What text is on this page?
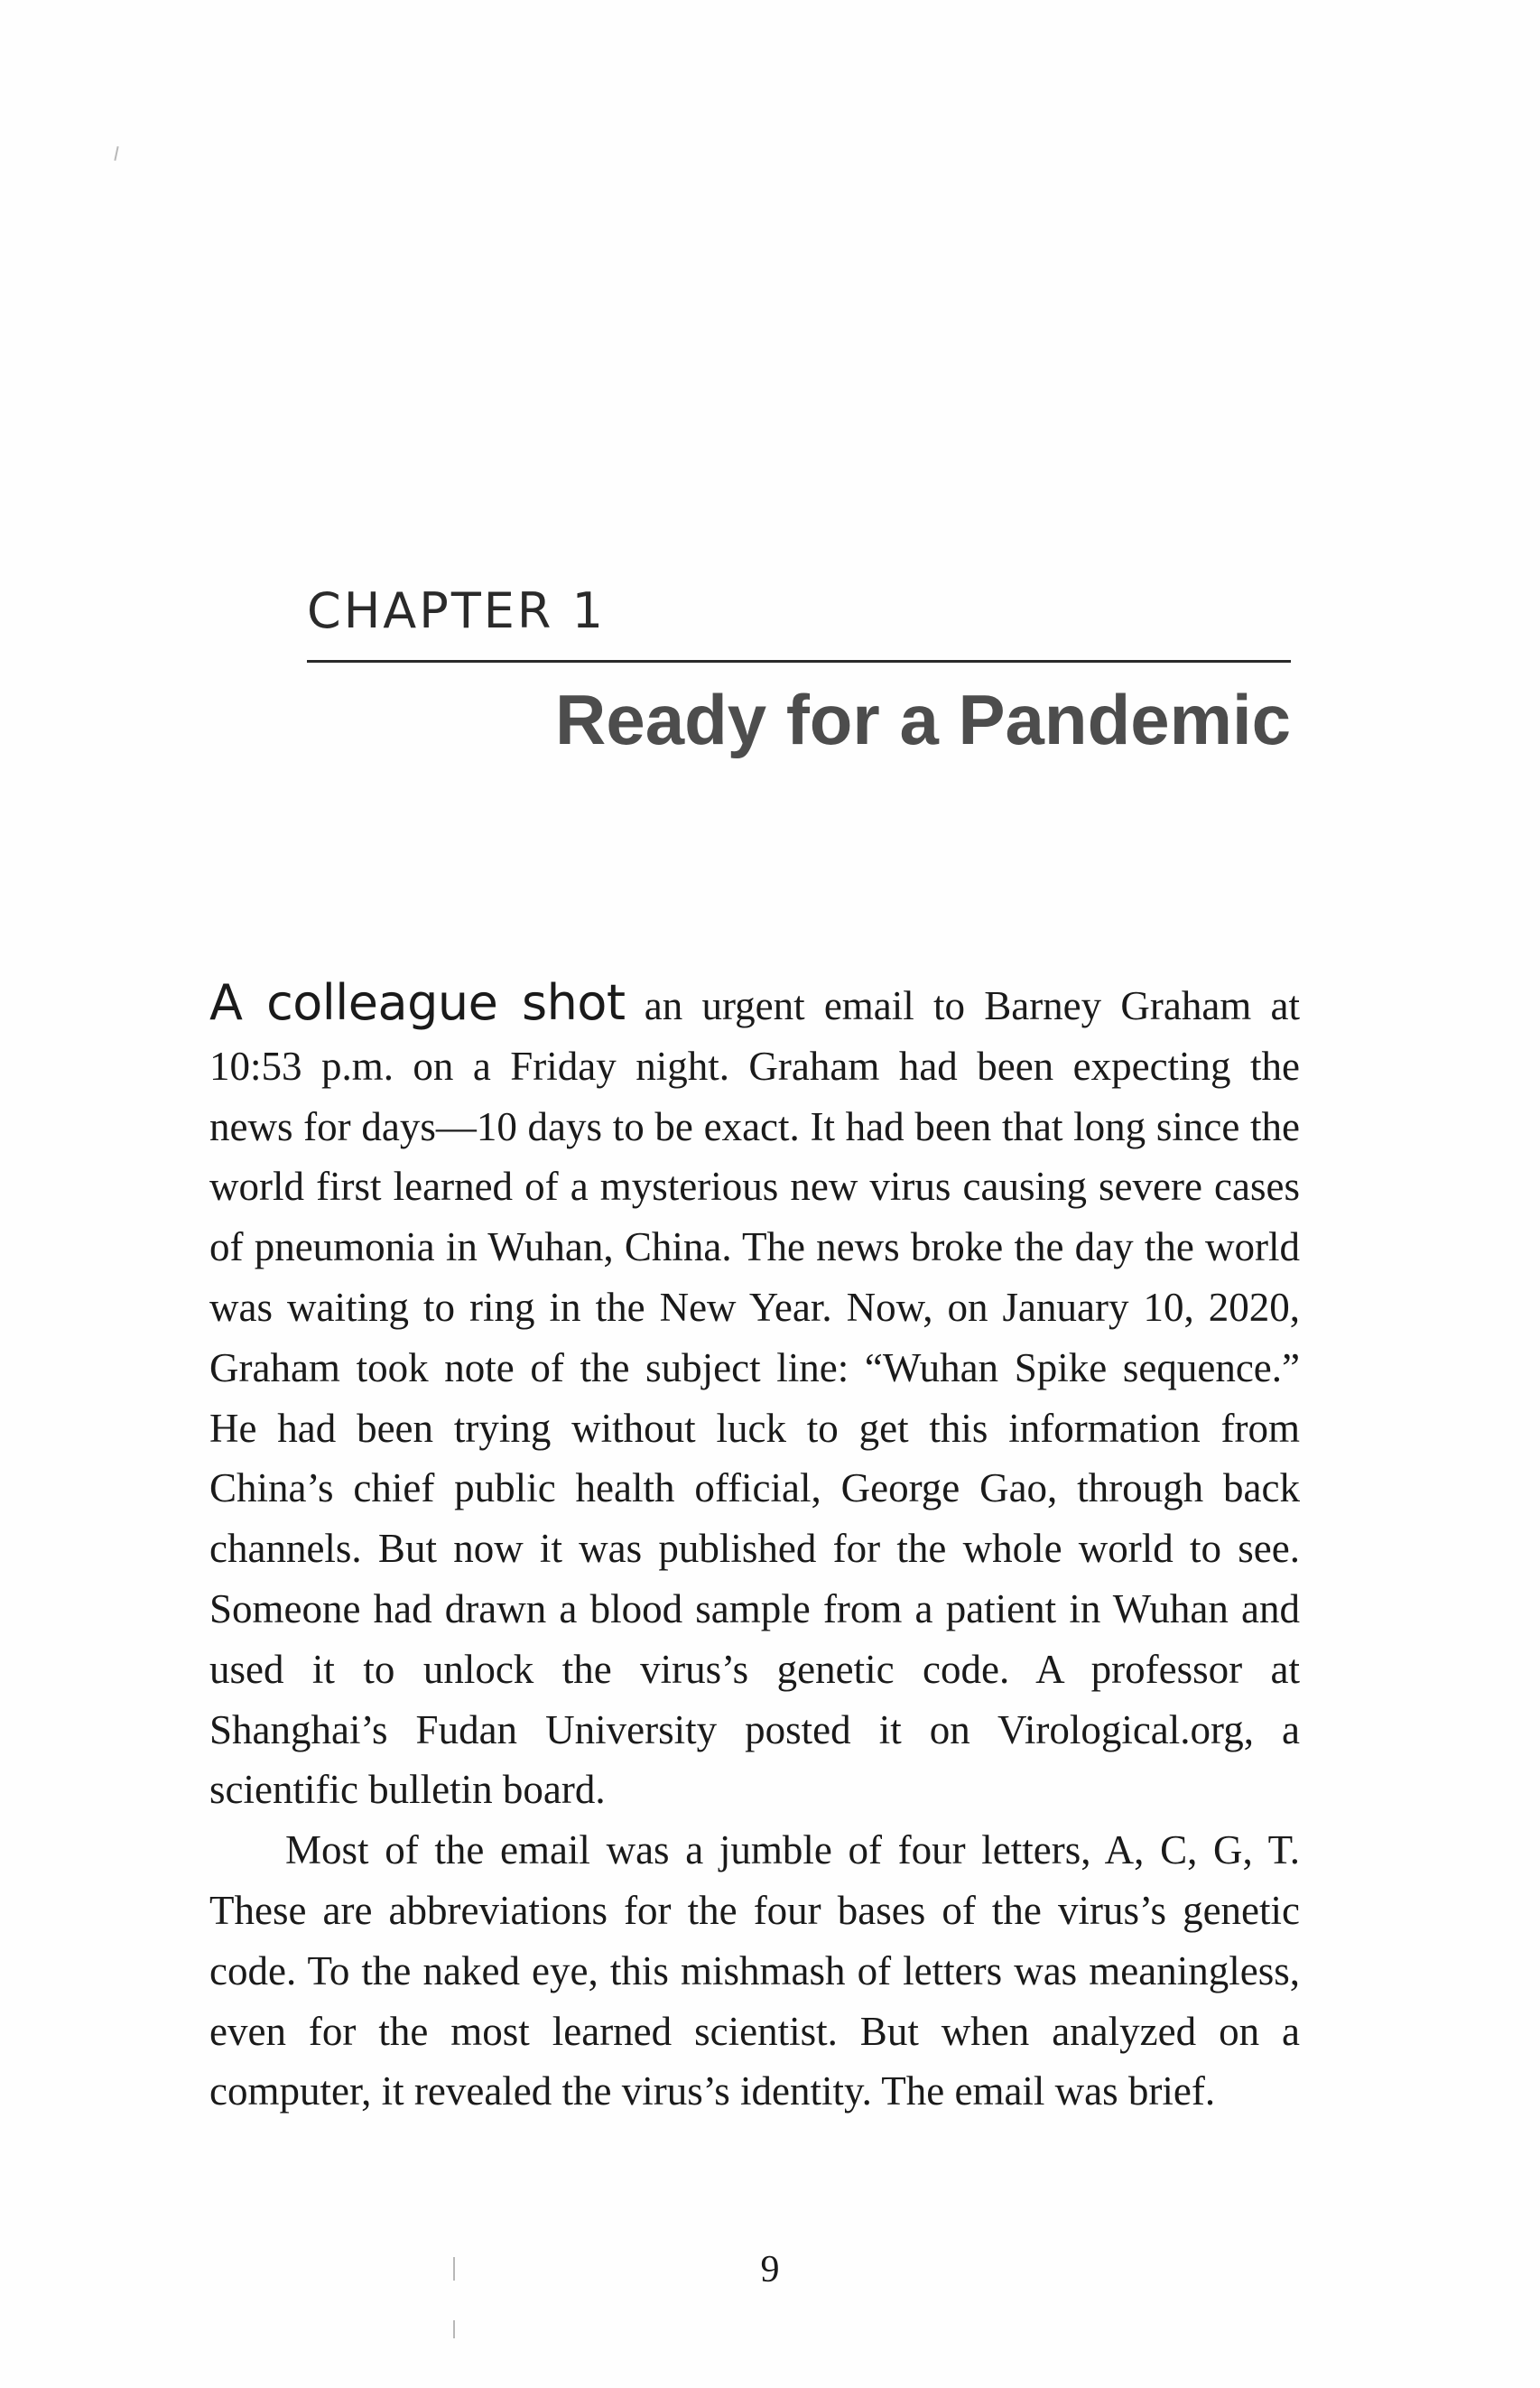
CHAPTER 1
Ready for a Pandemic

A colleague shot an urgent email to Barney Graham at 10:53 p.m. on a Friday night. Graham had been expecting the news for days—10 days to be exact. It had been that long since the world first learned of a mysterious new virus causing severe cases of pneumonia in Wuhan, China. The news broke the day the world was waiting to ring in the New Year. Now, on January 10, 2020, Graham took note of the subject line: “Wuhan Spike sequence.” He had been trying without luck to get this information from China’s chief public health official, George Gao, through back channels. But now it was published for the whole world to see. Someone had drawn a blood sample from a patient in Wuhan and used it to unlock the virus’s genetic code. A professor at Shanghai’s Fudan University posted it on Virological.org, a scientific bulletin board.

Most of the email was a jumble of four letters, A, C, G, T. These are abbreviations for the four bases of the virus’s genetic code. To the naked eye, this mishmash of letters was meaningless, even for the most learned scientist. But when analyzed on a computer, it revealed the virus’s identity. The email was brief.

9
